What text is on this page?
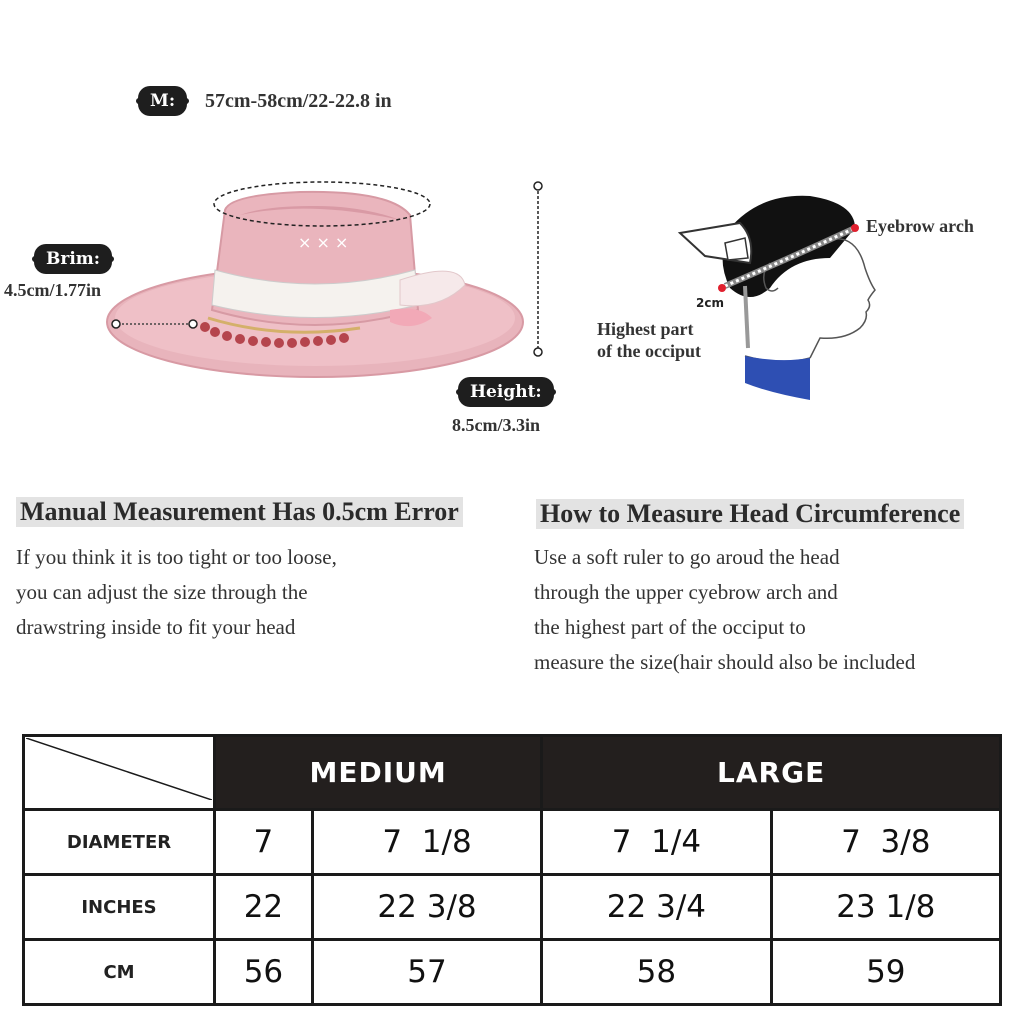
M:	57cm-58cm/22-22.8 in
× × ×
Brim:
4.5cm/1.77in
Height:
8.5cm/3.3in
Eyebrow arch
2cm
Highest part
of the occiput
Manual Measurement Has 0.5cm Error
If you think it is too tight or too loose,
you can adjust the size through the
drawstring inside to fit your head
How to Measure Head Circumference
Use a soft ruler to go aroud the head
through the upper cyebrow arch and
the highest part of the occiput to
measure the size(hair should also be included
	MEDIUM		LARGE	
DIAMETER	7	7  1/8	7  1/4	7  3/8
INCHES	22	22 3/8	22 3/4	23 1/8
CM	56	57	58	59
